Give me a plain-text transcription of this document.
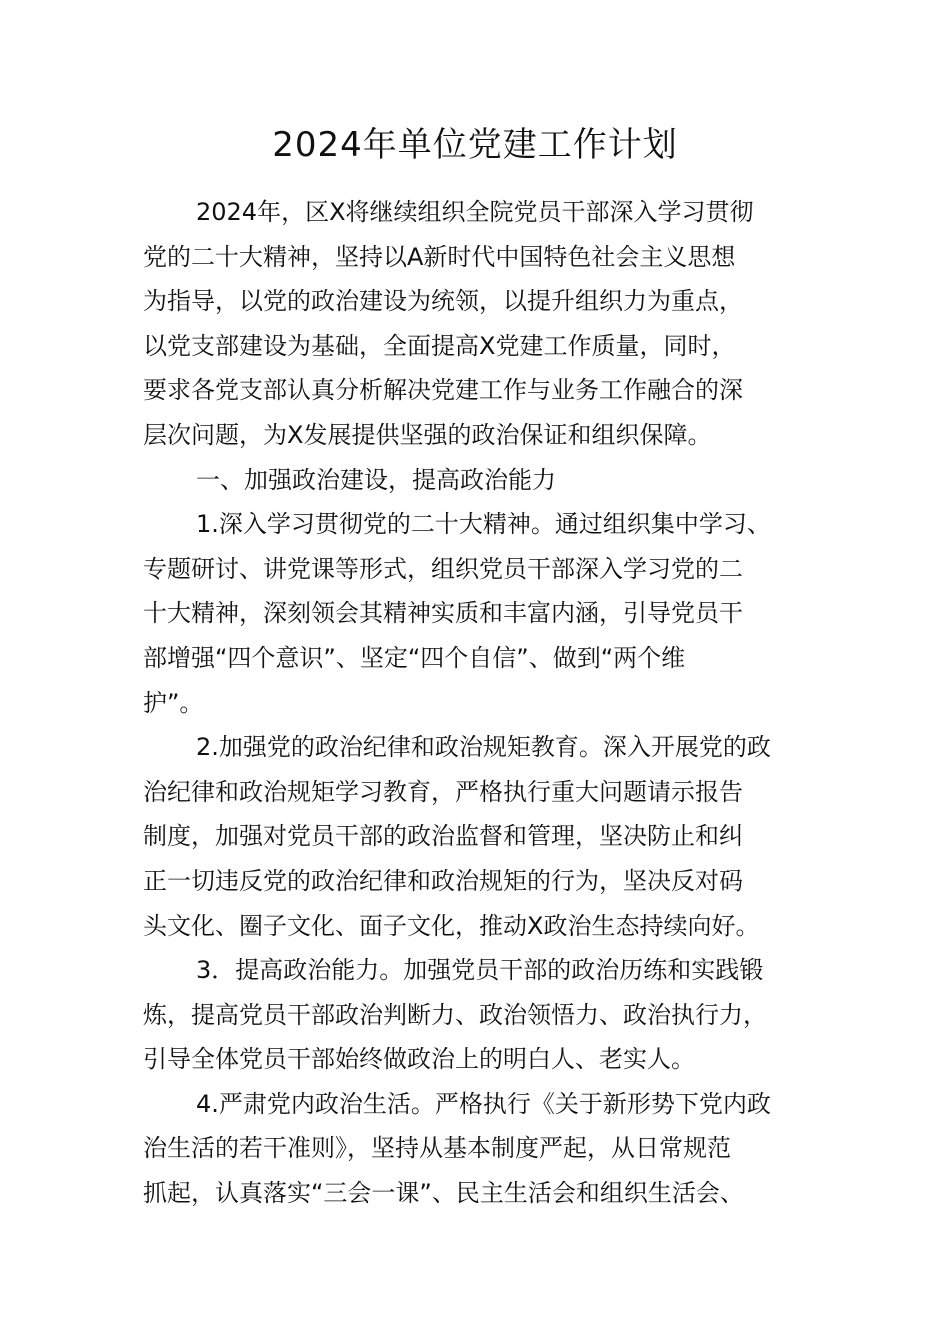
2024年单位党建工作计划
2024年，区X将继续组织全院党员干部深入学习贯彻
党的二十大精神，坚持以A新时代中国特色社会主义思想
为指导，以党的政治建设为统领，以提升组织力为重点，
以党支部建设为基础，全面提高X党建工作质量，同时，
要求各党支部认真分析解决党建工作与业务工作融合的深
层次问题，为X发展提供坚强的政治保证和组织保障。
一、加强政治建设，提高政治能力
1.深入学习贯彻党的二十大精神。通过组织集中学习、
专题研讨、讲党课等形式，组织党员干部深入学习党的二
十大精神，深刻领会其精神实质和丰富内涵，引导党员干
部增强“四个意识”、坚定“四个自信”、做到“两个维
护”。
2.加强党的政治纪律和政治规矩教育。深入开展党的政
治纪律和政治规矩学习教育，严格执行重大问题请示报告
制度，加强对党员干部的政治监督和管理，坚决防止和纠
正一切违反党的政治纪律和政治规矩的行为，坚决反对码
头文化、圈子文化、面子文化，推动X政治生态持续向好。
3．提高政治能力。加强党员干部的政治历练和实践锻
炼，提高党员干部政治判断力、政治领悟力、政治执行力，
引导全体党员干部始终做政治上的明白人、老实人。
4.严肃党内政治生活。严格执行《关于新形势下党内政
治生活的若干准则》，坚持从基本制度严起，从日常规范
抓起，认真落实“三会一课”、民主生活会和组织生活会、
